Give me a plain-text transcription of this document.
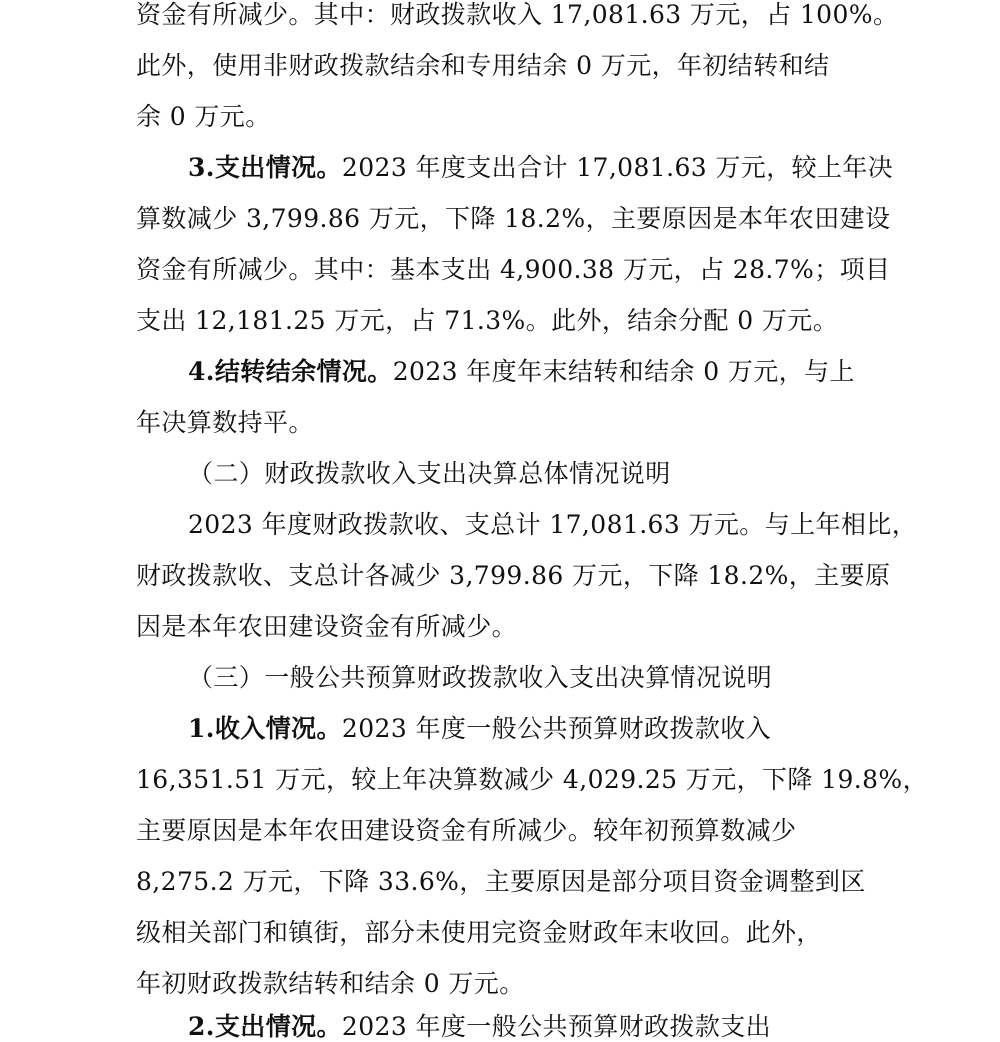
资金有所减少。其中：财政拨款收入 17,081.63 万元，占 100%。
此外，使用非财政拨款结余和专用结余 0 万元，年初结转和结
余 0 万元。
3.支出情况。2023 年度支出合计 17,081.63 万元，较上年决
算数减少 3,799.86 万元，下降 18.2%，主要原因是本年农田建设
资金有所减少。其中：基本支出 4,900.38 万元，占 28.7%；项目
支出 12,181.25 万元，占 71.3%。此外，结余分配 0 万元。
4.结转结余情况。2023 年度年末结转和结余 0 万元，与上
年决算数持平。
（二）财政拨款收入支出决算总体情况说明
2023 年度财政拨款收、支总计 17,081.63 万元。与上年相比，
财政拨款收、支总计各减少 3,799.86 万元，下降 18.2%，主要原
因是本年农田建设资金有所减少。
（三）一般公共预算财政拨款收入支出决算情况说明
1.收入情况。2023 年度一般公共预算财政拨款收入
16,351.51 万元，较上年决算数减少 4,029.25 万元，下降 19.8%，
主要原因是本年农田建设资金有所减少。较年初预算数减少
8,275.2 万元，下降 33.6%，主要原因是部分项目资金调整到区
级相关部门和镇街，部分未使用完资金财政年末收回。此外，
年初财政拨款结转和结余 0 万元。
2.支出情况。2023 年度一般公共预算财政拨款支出
